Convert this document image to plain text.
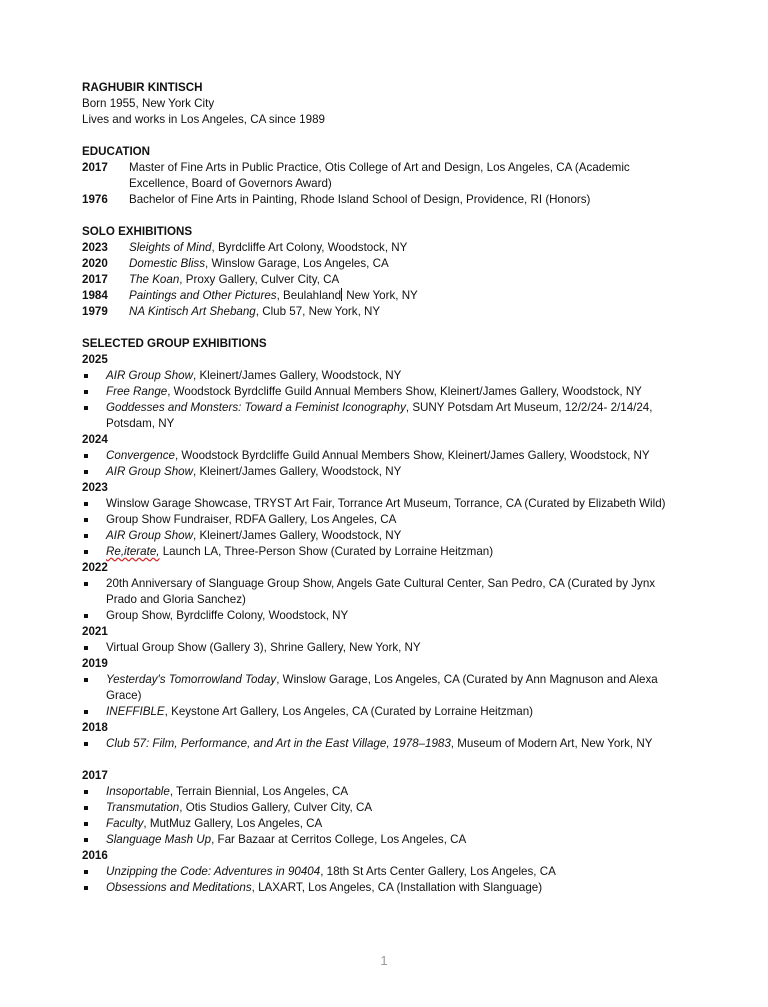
RAGHUBIR KINTISCH
Born 1955, New York City
Lives and works in Los Angeles, CA since 1989
EDUCATION
2017	Master of Fine Arts in Public Practice, Otis College of Art and Design, Los Angeles, CA (Academic Excellence, Board of Governors Award)
1976	Bachelor of Fine Arts in Painting, Rhode Island School of Design, Providence, RI (Honors)
SOLO EXHIBITIONS
2023	Sleights of Mind, Byrdcliffe Art Colony, Woodstock, NY
2020	Domestic Bliss, Winslow Garage, Los Angeles, CA
2017	The Koan, Proxy Gallery, Culver City, CA
1984	Paintings and Other Pictures, Beulahland New York, NY
1979	NA Kintisch Art Shebang, Club 57, New York, NY
SELECTED GROUP EXHIBITIONS
2025
AIR Group Show, Kleinert/James Gallery, Woodstock, NY
Free Range, Woodstock Byrdcliffe Guild Annual Members Show, Kleinert/James Gallery, Woodstock, NY
Goddesses and Monsters: Toward a Feminist Iconography, SUNY Potsdam Art Museum, 12/2/24- 2/14/24, Potsdam, NY
2024
Convergence, Woodstock Byrdcliffe Guild Annual Members Show, Kleinert/James Gallery, Woodstock, NY
AIR Group Show, Kleinert/James Gallery, Woodstock, NY
2023
Winslow Garage Showcase, TRYST Art Fair, Torrance Art Museum, Torrance, CA (Curated by Elizabeth Wild)
Group Show Fundraiser, RDFA Gallery, Los Angeles, CA
AIR Group Show, Kleinert/James Gallery, Woodstock, NY
Re,iterate, Launch LA, Three-Person Show (Curated by Lorraine Heitzman)
2022
20th Anniversary of Slanguage Group Show, Angels Gate Cultural Center, San Pedro, CA (Curated by Jynx Prado and Gloria Sanchez)
Group Show, Byrdcliffe Colony, Woodstock, NY
2021
Virtual Group Show (Gallery 3), Shrine Gallery, New York, NY
2019
Yesterday's Tomorrowland Today, Winslow Garage, Los Angeles, CA (Curated by Ann Magnuson and Alexa Grace)
INEFFIBLE, Keystone Art Gallery, Los Angeles, CA (Curated by Lorraine Heitzman)
2018
Club 57: Film, Performance, and Art in the East Village, 1978–1983, Museum of Modern Art, New York, NY
2017
Insoportable, Terrain Biennial, Los Angeles, CA
Transmutation, Otis Studios Gallery, Culver City, CA
Faculty, MutMuz Gallery, Los Angeles, CA
Slanguage Mash Up, Far Bazaar at Cerritos College, Los Angeles, CA
2016
Unzipping the Code: Adventures in 90404, 18th St Arts Center Gallery, Los Angeles, CA
Obsessions and Meditations, LAXART, Los Angeles, CA (Installation with Slanguage)
1
